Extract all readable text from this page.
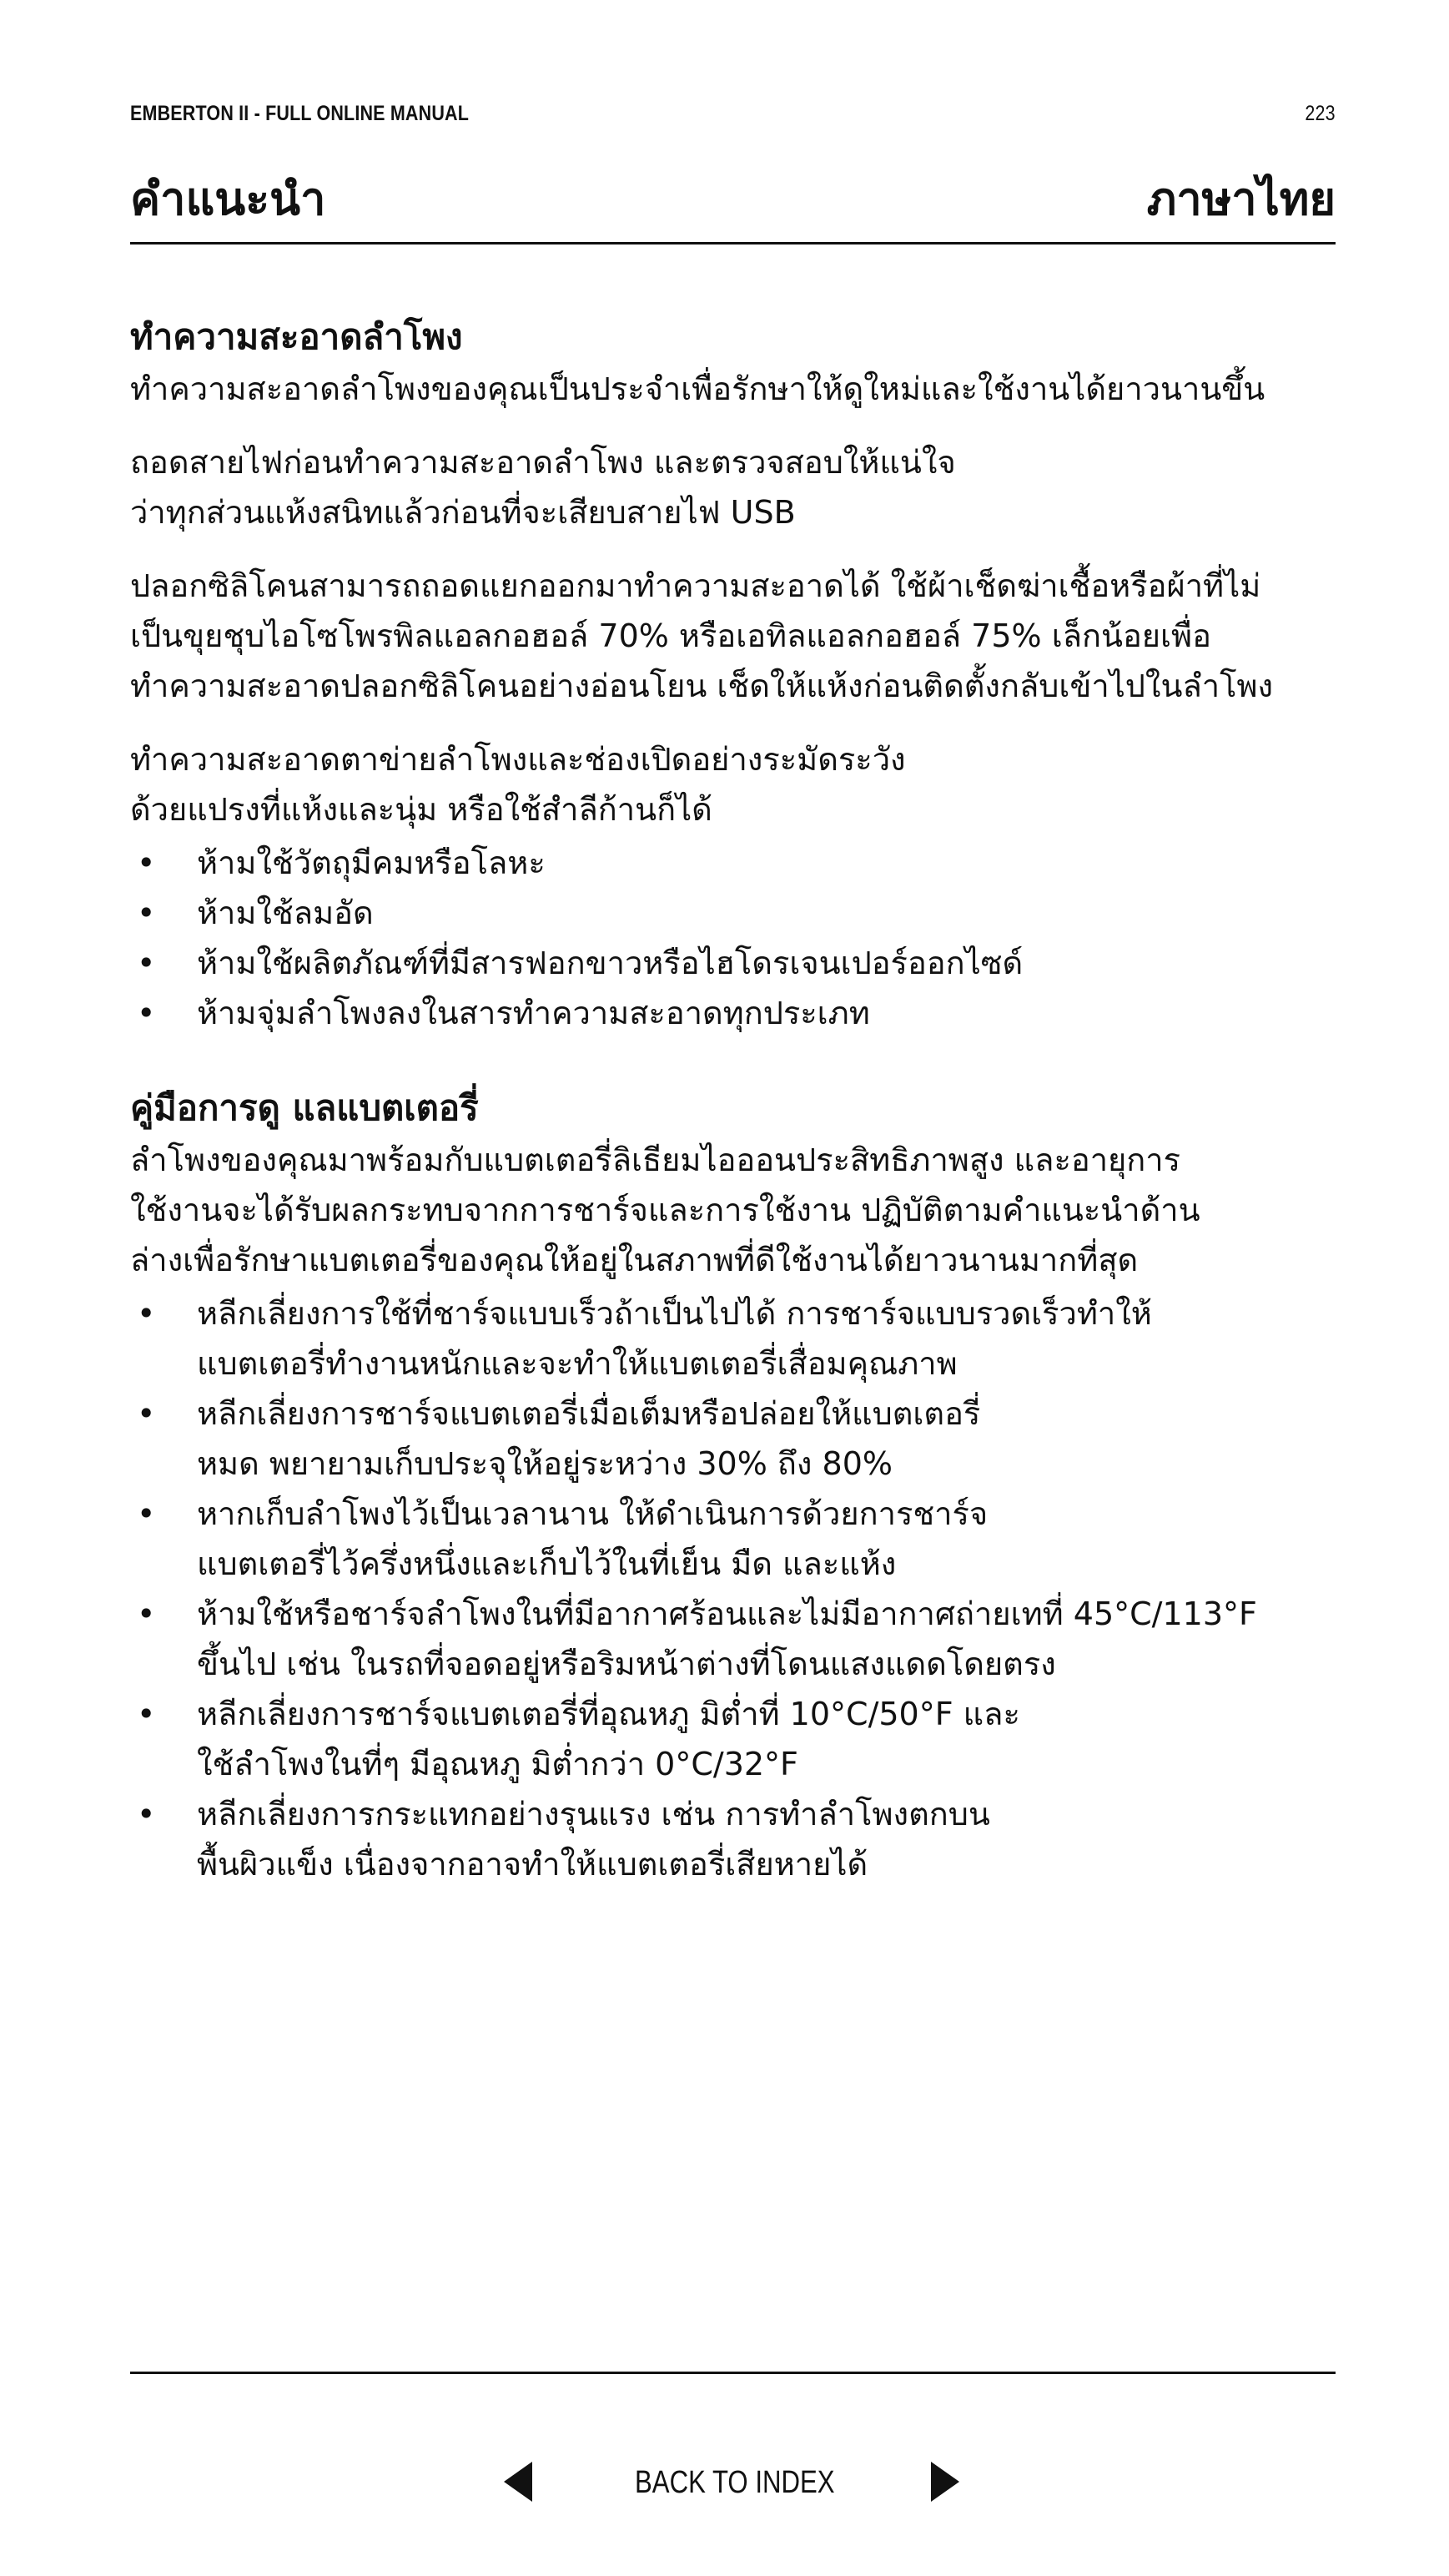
EMBERTON II - FULL ONLINE MANUAL	223
คำแนะนำ	ภาษาไทย
ทำความสะอาดลำโพง

ทำความสะอาดลำโพงของคุณเป็นประจำเพื่อรักษาให้ดูใหม่และใช้งานได้ยาวนานขึ้น

ถอดสายไฟก่อนทำความสะอาดลำโพง และตรวจสอบให้แน่ใจ
ว่าทุกส่วนแห้งสนิทแล้วก่อนที่จะเสียบสายไฟ USB

ปลอกซิลิโคนสามารถถอดแยกออกมาทำความสะอาดได้ ใช้ผ้าเช็ดฆ่าเชื้อหรือผ้าที่ไม่
เป็นขุยชุบไอโซโพรพิลแอลกอฮอล์ 70% หรือเอทิลแอลกอฮอล์ 75% เล็กน้อยเพื่อ
ทำความสะอาดปลอกซิลิโคนอย่างอ่อนโยน เช็ดให้แห้งก่อนติดตั้งกลับเข้าไปในลำโพง

ทำความสะอาดตาข่ายลำโพงและช่องเปิดอย่างระมัดระวัง
ด้วยแปรงที่แห้งและนุ่ม หรือใช้สำลีก้านก็ได้

• ห้ามใช้วัตถุมีคมหรือโลหะ
• ห้ามใช้ลมอัด
• ห้ามใช้ผลิตภัณฑ์ที่มีสารฟอกขาวหรือไฮโดรเจนเปอร์ออกไซด์
• ห้ามจุ่มลำโพงลงในสารทำความสะอาดทุกประเภท
คู่มือการดู แลแบตเตอรี่

ลำโพงของคุณมาพร้อมกับแบตเตอรี่ลิเธียมไอออนประสิทธิภาพสูง และอายุการ
ใช้งานจะได้รับผลกระทบจากการชาร์จและการใช้งาน ปฏิบัติตามคำแนะนำด้าน
ล่างเพื่อรักษาแบตเตอรี่ของคุณให้อยู่ในสภาพที่ดีใช้งานได้ยาวนานมากที่สุด

• หลีกเลี่ยงการใช้ที่ชาร์จแบบเร็วถ้าเป็นไปได้ การชาร์จแบบรวดเร็วทำให้
แบตเตอรี่ทำงานหนักและจะทำให้แบตเตอรี่เสื่อมคุณภาพ
• หลีกเลี่ยงการชาร์จแบตเตอรี่เมื่อเต็มหรือปล่อยให้แบตเตอรี่
หมด พยายามเก็บประจุให้อยู่ระหว่าง 30% ถึง 80%
• หากเก็บลำโพงไว้เป็นเวลานาน ให้ดำเนินการด้วยการชาร์จ
แบตเตอรี่ไว้ครึ่งหนึ่งและเก็บไว้ในที่เย็น มืด และแห้ง
• ห้ามใช้หรือชาร์จลำโพงในที่มีอากาศร้อนและไม่มีอากาศถ่ายเทที่ 45°C/113°F
ขึ้นไป เช่น ในรถที่จอดอยู่หรือริมหน้าต่างที่โดนแสงแดดโดยตรง
• หลีกเลี่ยงการชาร์จแบตเตอรี่ที่อุณหภู มิต่ำที่ 10°C/50°F และ
ใช้ลำโพงในที่ๆ มีอุณหภู มิต่ำกว่า 0°C/32°F
• หลีกเลี่ยงการกระแทกอย่างรุนแรง เช่น การทำลำโพงตกบน
พื้นผิวแข็ง เนื่องจากอาจทำให้แบตเตอรี่เสียหายได้
BACK TO INDEX
